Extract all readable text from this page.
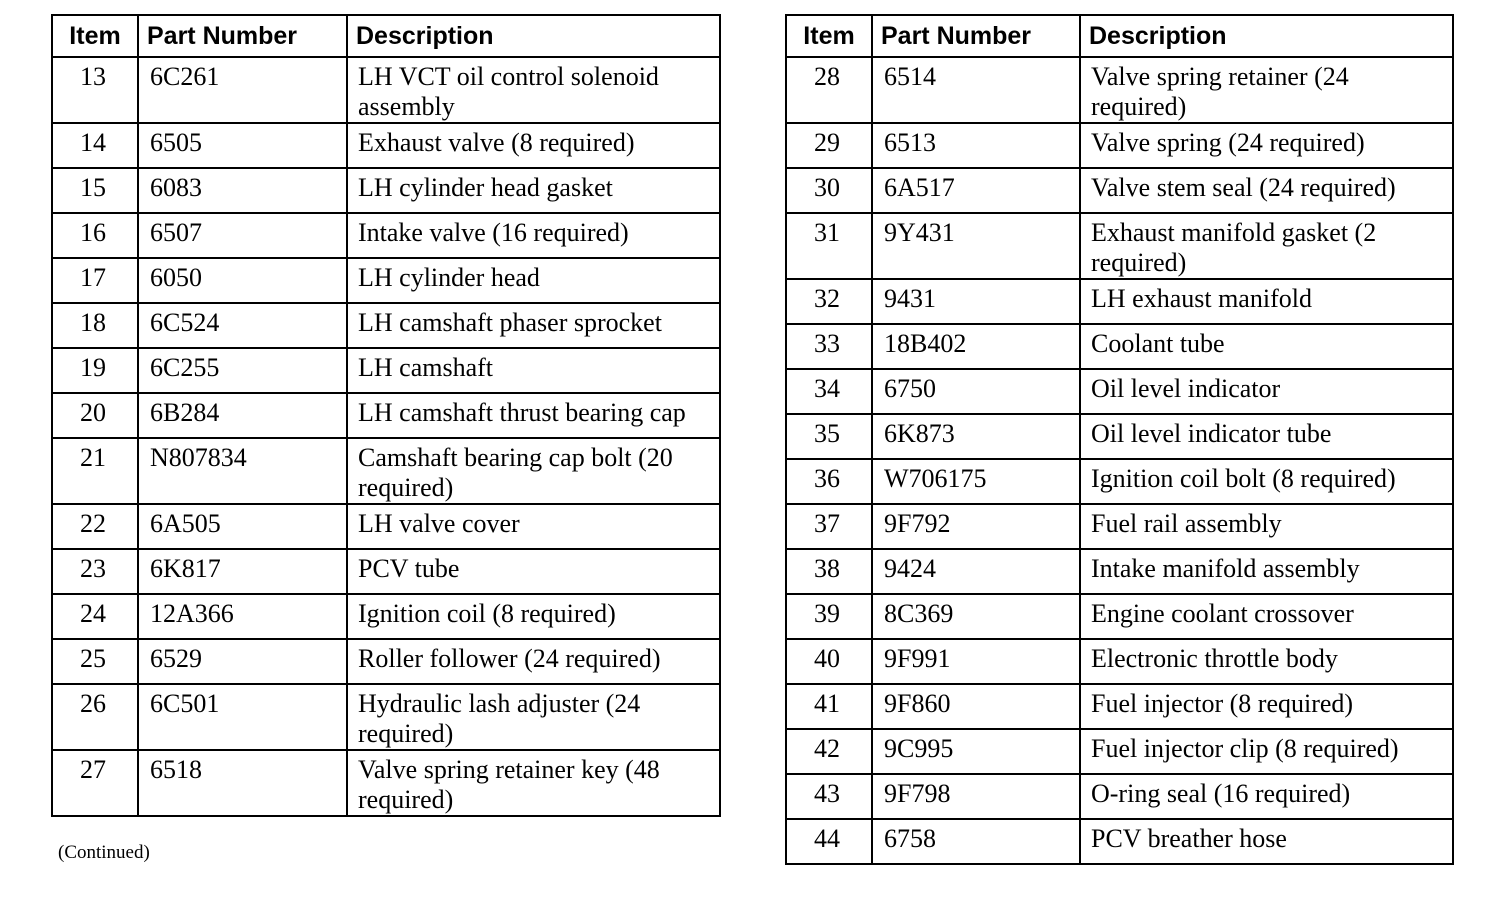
Item	Part Number	Description
13	6C261	LH VCT oil control solenoid assembly
14	6505	Exhaust valve (8 required)
15	6083	LH cylinder head gasket
16	6507	Intake valve (16 required)
17	6050	LH cylinder head
18	6C524	LH camshaft phaser sprocket
19	6C255	LH camshaft
20	6B284	LH camshaft thrust bearing cap
21	N807834	Camshaft bearing cap bolt (20 required)
22	6A505	LH valve cover
23	6K817	PCV tube
24	12A366	Ignition coil (8 required)
25	6529	Roller follower (24 required)
26	6C501	Hydraulic lash adjuster (24 required)
27	6518	Valve spring retainer key (48 required)
Item	Part Number	Description
28	6514	Valve spring retainer (24 required)
29	6513	Valve spring (24 required)
30	6A517	Valve stem seal (24 required)
31	9Y431	Exhaust manifold gasket (2 required)
32	9431	LH exhaust manifold
33	18B402	Coolant tube
34	6750	Oil level indicator
35	6K873	Oil level indicator tube
36	W706175	Ignition coil bolt (8 required)
37	9F792	Fuel rail assembly
38	9424	Intake manifold assembly
39	8C369	Engine coolant crossover
40	9F991	Electronic throttle body
41	9F860	Fuel injector (8 required)
42	9C995	Fuel injector clip (8 required)
43	9F798	O-ring seal (16 required)
44	6758	PCV breather hose
(Continued)
